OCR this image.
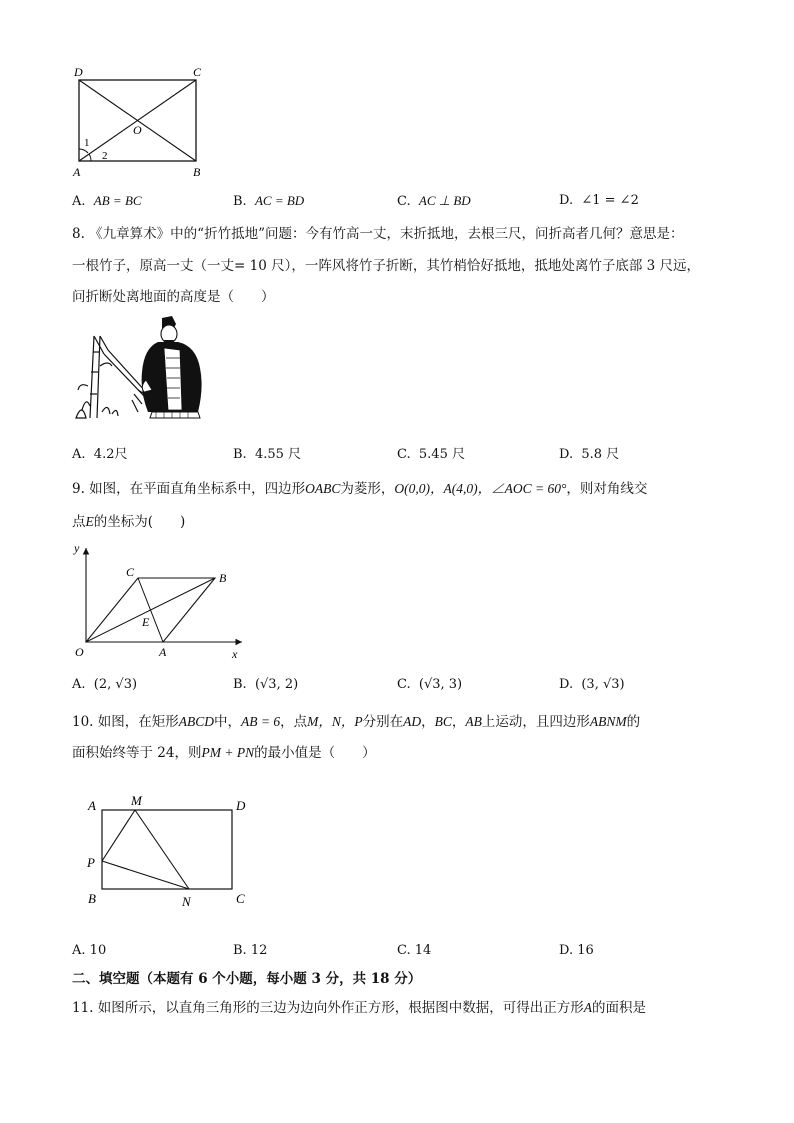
D	C
O
A	B
1
2
A. AB = BC	B. AC = BD	C. AC ⊥ BD	D. ∠1 = ∠2
8. 《九章算术》中的“折竹抵地”问题：今有竹高一丈，末折抵地，去根三尺，问折高者几何？意思是：
一根竹子，原高一丈（一丈= 10 尺），一阵风将竹子折断，其竹梢恰好抵地，抵地处离竹子底部 3 尺远，
问折断处离地面的高度是（　　）
A. 4.2尺	B. 4.55 尺	C. 5.45 尺	D. 5.8 尺
9. 如图，在平面直角坐标系中，四边形OABC为菱形，O(0,0)，A(4,0)，∠AOC = 60°，则对角线交
点E的坐标为(　　)
y
x
C	B
E
O	A
A. (2, √3)	B. (√3, 2)	C. (√3, 3)	D. (3, √3)
10. 如图，在矩形ABCD中，AB = 6，点M，N，P分别在AD，BC，AB上运动，且四边形ABNM的
面积始终等于 24，则PM + PN的最小值是（　　）
A	M	D
P
B	N	C
A. 10	B. 12	C. 14	D. 16
二、填空题（本题有 6 个小题，每小题 3 分，共 18 分）
11. 如图所示，以直角三角形的三边为边向外作正方形，根据图中数据，可得出正方形A的面积是
